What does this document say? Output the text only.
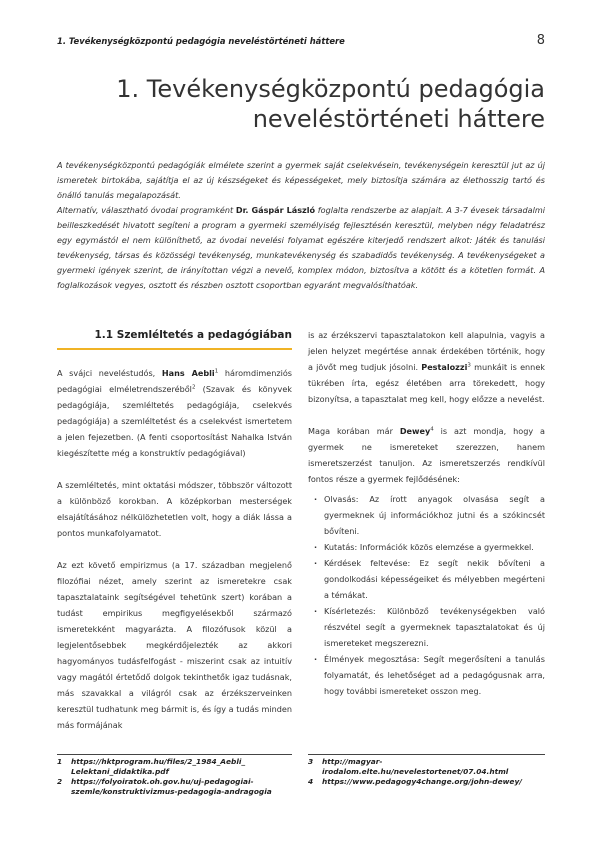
1. Tevékenységközpontú pedagógia neveléstörténeti háttere	8
1. Tevékenységközpontú pedagógia
neveléstörténeti háttere

A tevékenységközpontú pedagógiák elmélete szerint a gyermek saját cselekvésein, tevékenységein keresztül jut az új ismeretek birtokába, sajátítja el az új készségeket és képességeket, mely biztosítja számára az élethosszig tartó és önálló tanulás megalapozását.

Alternatív, választható óvodai programként Dr. Gáspár László foglalta rendszerbe az alapjait. A 3-7 évesek társadalmi beilleszkedését hivatott segíteni a program a gyermeki személyiség fejlesztésén keresztül, melyben négy feladatrész egy egymástól el nem különíthető, az óvodai nevelési folyamat egészére kiterjedő rendszert alkot: Játék és tanulási tevékenység, társas és közösségi tevékenység, munkatevékenység és szabadidős tevékenység. A tevékenységeket a gyermeki igények szerint, de irányítottan végzi a nevelő, komplex módon, biztosítva a kötött és a kötetlen formát. A foglalkozások vegyes, osztott és részben osztott csoportban egyaránt megvalósíthatóak.

1.1 Szemléltetés a pedagógiában

A svájci neveléstudós, Hans Aebli$^1$ háromdimenziós pedagógiai elméletrendszeréből$^2$ (Szavak és könyvek pedagógiája, szemléltetés pedagógiája, cselekvés pedagógiája) a szemléltetést és a cselekvést ismertetem a jelen fejezetben. (A fenti csoportosítást Nahalka István kiegészítette még a konstruktív pedagógiával)

A szemléltetés, mint oktatási módszer, többször változott a különböző korokban. A középkorban mesterségek elsajátításához nélkülözhetetlen volt, hogy a diák lássa a pontos munkafolyamatot.

Az ezt követő empirizmus (a 17. században megjelenő filozófiai nézet, amely szerint az ismeretekre csak tapasztalataink segítségével tehetünk szert) korában a tudást empirikus megfigyelésekből származó ismeretekként magyarázta. A filozófusok közül a legjelentősebbek megkérdőjelezték az akkori hagyományos tudásfelfogást - miszerint csak az intuitív vagy magától értetődő dolgok tekinthetők igaz tudásnak, más szavakkal a világról csak az érzékszerveinken keresztül tudhatunk meg bármit is, és így a tudás minden más formájának

is az érzékszervi tapasztalatokon kell alapulnia, vagyis a jelen helyzet megértése annak érdekében történik, hogy a jövőt meg tudjuk jósolni. Pestalozzi$^3$ munkáit is ennek tükrében írta, egész életében arra törekedett, hogy bizonyítsa, a tapasztalat meg kell, hogy előzze a nevelést.

Maga korában már Dewey$^4$ is azt mondja, hogy a gyermek ne ismereteket szerezzen, hanem ismeretszerzést tanuljon. Az ismeretszerzés rendkívül fontos része a gyermek fejlődésének:

· Olvasás: Az írott anyagok olvasása segít a gyermeknek új információkhoz jutni és a szókincsét bővíteni.
· Kutatás: Információk közös elemzése a gyermekkel.
· Kérdések feltevése: Ez segít nekik bővíteni a gondolkodási képességeiket és mélyebben megérteni a témákat.
· Kísérletezés: Különböző tevékenységekben való részvétel segít a gyermeknek tapasztalatokat és új ismereteket megszerezni.
· Élmények megosztása: Segít megerősíteni a tanulás folyamatát, és lehetőséget ad a pedagógusnak arra, hogy további ismereteket osszon meg.
1	https://hktprogram.hu/files/2_1984_Aebli_ Lelektani_didaktika.pdf
2	https://folyoiratok.oh.gov.hu/uj-pedagogiai-szemle/konstruktivizmus-pedagogia-andragogia
3	http://magyar-irodalom.elte.hu/nevelestortenet/07.04.html
4	https://www.pedagogy4change.org/john-dewey/
